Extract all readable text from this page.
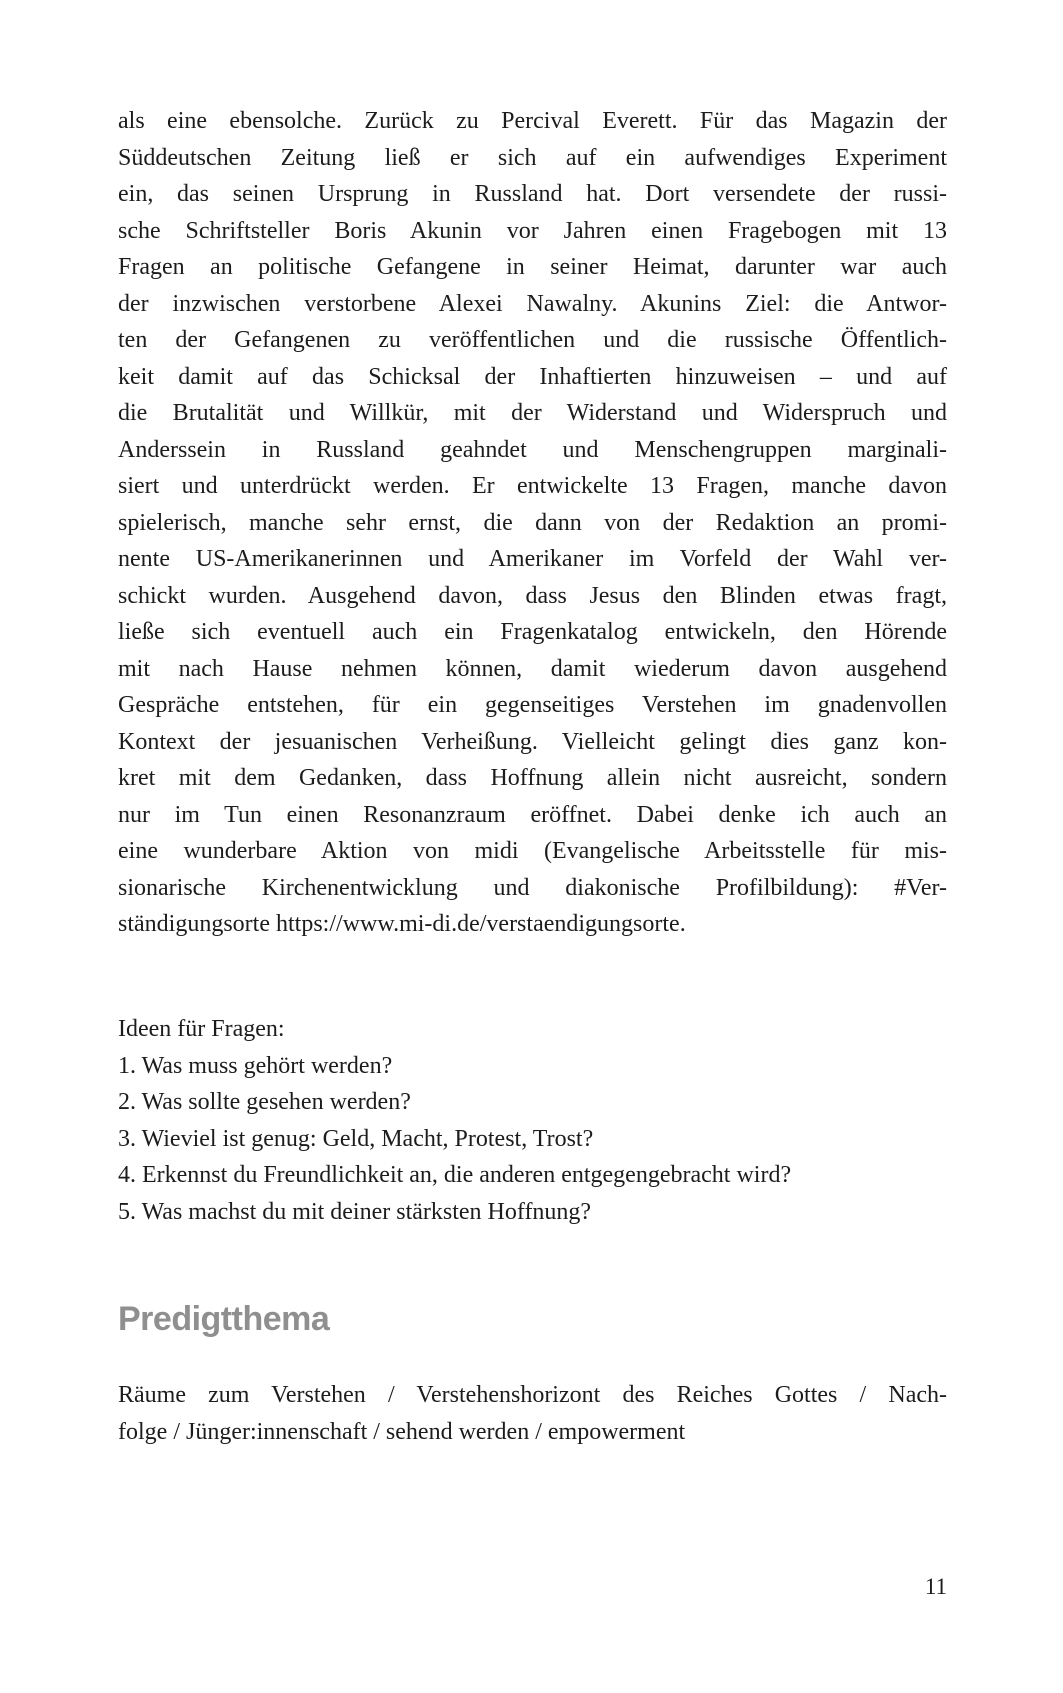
als eine ebensolche. Zurück zu Percival Everett. Für das Magazin der
Süddeutschen Zeitung ließ er sich auf ein aufwendiges Experiment
ein, das seinen Ursprung in Russland hat. Dort versendete der russi-
sche Schriftsteller Boris Akunin vor Jahren einen Fragebogen mit 13
Fragen an politische Gefangene in seiner Heimat, darunter war auch
der inzwischen verstorbene Alexei Nawalny. Akunins Ziel: die Antwor-
ten der Gefangenen zu veröffentlichen und die russische Öffentlich-
keit damit auf das Schicksal der Inhaftierten hinzuweisen – und auf
die Brutalität und Willkür, mit der Widerstand und Widerspruch und
Anderssein in Russland geahndet und Menschengruppen marginali-
siert und unterdrückt werden. Er entwickelte 13 Fragen, manche davon
spielerisch, manche sehr ernst, die dann von der Redaktion an promi-
nente US-Amerikanerinnen und Amerikaner im Vorfeld der Wahl ver-
schickt wurden. Ausgehend davon, dass Jesus den Blinden etwas fragt,
ließe sich eventuell auch ein Fragenkatalog entwickeln, den Hörende
mit nach Hause nehmen können, damit wiederum davon ausgehend
Gespräche entstehen, für ein gegenseitiges Verstehen im gnadenvollen
Kontext der jesuanischen Verheißung. Vielleicht gelingt dies ganz kon-
kret mit dem Gedanken, dass Hoffnung allein nicht ausreicht, sondern
nur im Tun einen Resonanzraum eröffnet. Dabei denke ich auch an
eine wunderbare Aktion von midi (Evangelische Arbeitsstelle für mis-
sionarische Kirchenentwicklung und diakonische Profilbildung): #Ver-
ständigungsorte https://www.mi-di.de/verstaendigungsorte.
Ideen für Fragen:
1. Was muss gehört werden?
2. Was sollte gesehen werden?
3. Wieviel ist genug: Geld, Macht, Protest, Trost?
4. Erkennst du Freundlichkeit an, die anderen entgegengebracht wird?
5. Was machst du mit deiner stärksten Hoffnung?
Predigtthema
Räume zum Verstehen / Verstehenshorizont des Reiches Gottes / Nach-
folge / Jünger:innenschaft / sehend werden / empowerment
11
